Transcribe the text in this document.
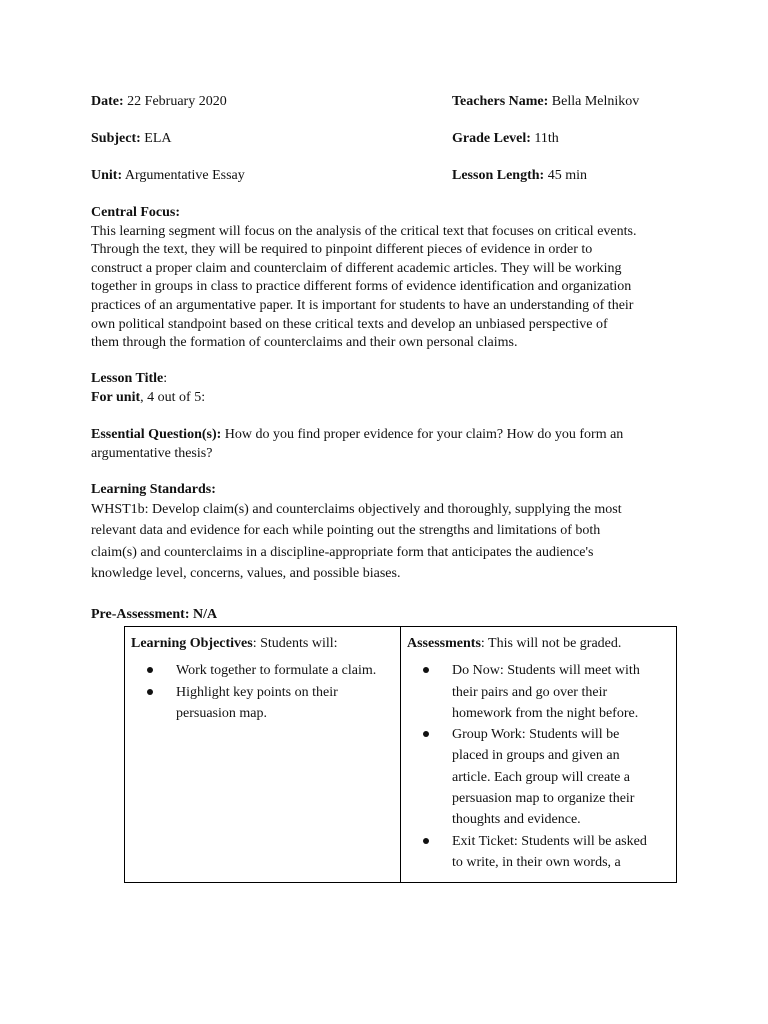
Date: 22 February 2020	Teachers Name: Bella Melnikov
Subject: ELA	Grade Level: 11th
Unit: Argumentative Essay	Lesson Length: 45 min
Central Focus:

This learning segment will focus on the analysis of the critical text that focuses on critical events.

Through the text, they will be required to pinpoint different pieces of evidence in order to

construct a proper claim and counterclaim of different academic articles. They will be working

together in groups in class to practice different forms of evidence identification and organization

practices of an argumentative paper. It is important for students to have an understanding of their

own political standpoint based on these critical texts and develop an unbiased perspective of

them through the formation of counterclaims and their own personal claims.

Lesson Title:
For unit, 4 out of 5:
Essential Question(s): How do you find proper evidence for your claim? How do you form an
argumentative thesis?
Learning Standards:

WHST1b: Develop claim(s) and counterclaims objectively and thoroughly, supplying the most

relevant data and evidence for each while pointing out the strengths and limitations of both

claim(s) and counterclaims in a discipline-appropriate form that anticipates the audience's

knowledge level, concerns, values, and possible biases.

Pre-Assessment: N/A
Learning Objectives: Students will:
Work together to formulate a claim.
Highlight key points on their
persuasion map.
Assessments: This will not be graded.
Do Now: Students will meet with
their pairs and go over their
homework from the night before.
Group Work: Students will be
placed in groups and given an
article. Each group will create a
persuasion map to organize their
thoughts and evidence.
Exit Ticket: Students will be asked
to write, in their own words, a
